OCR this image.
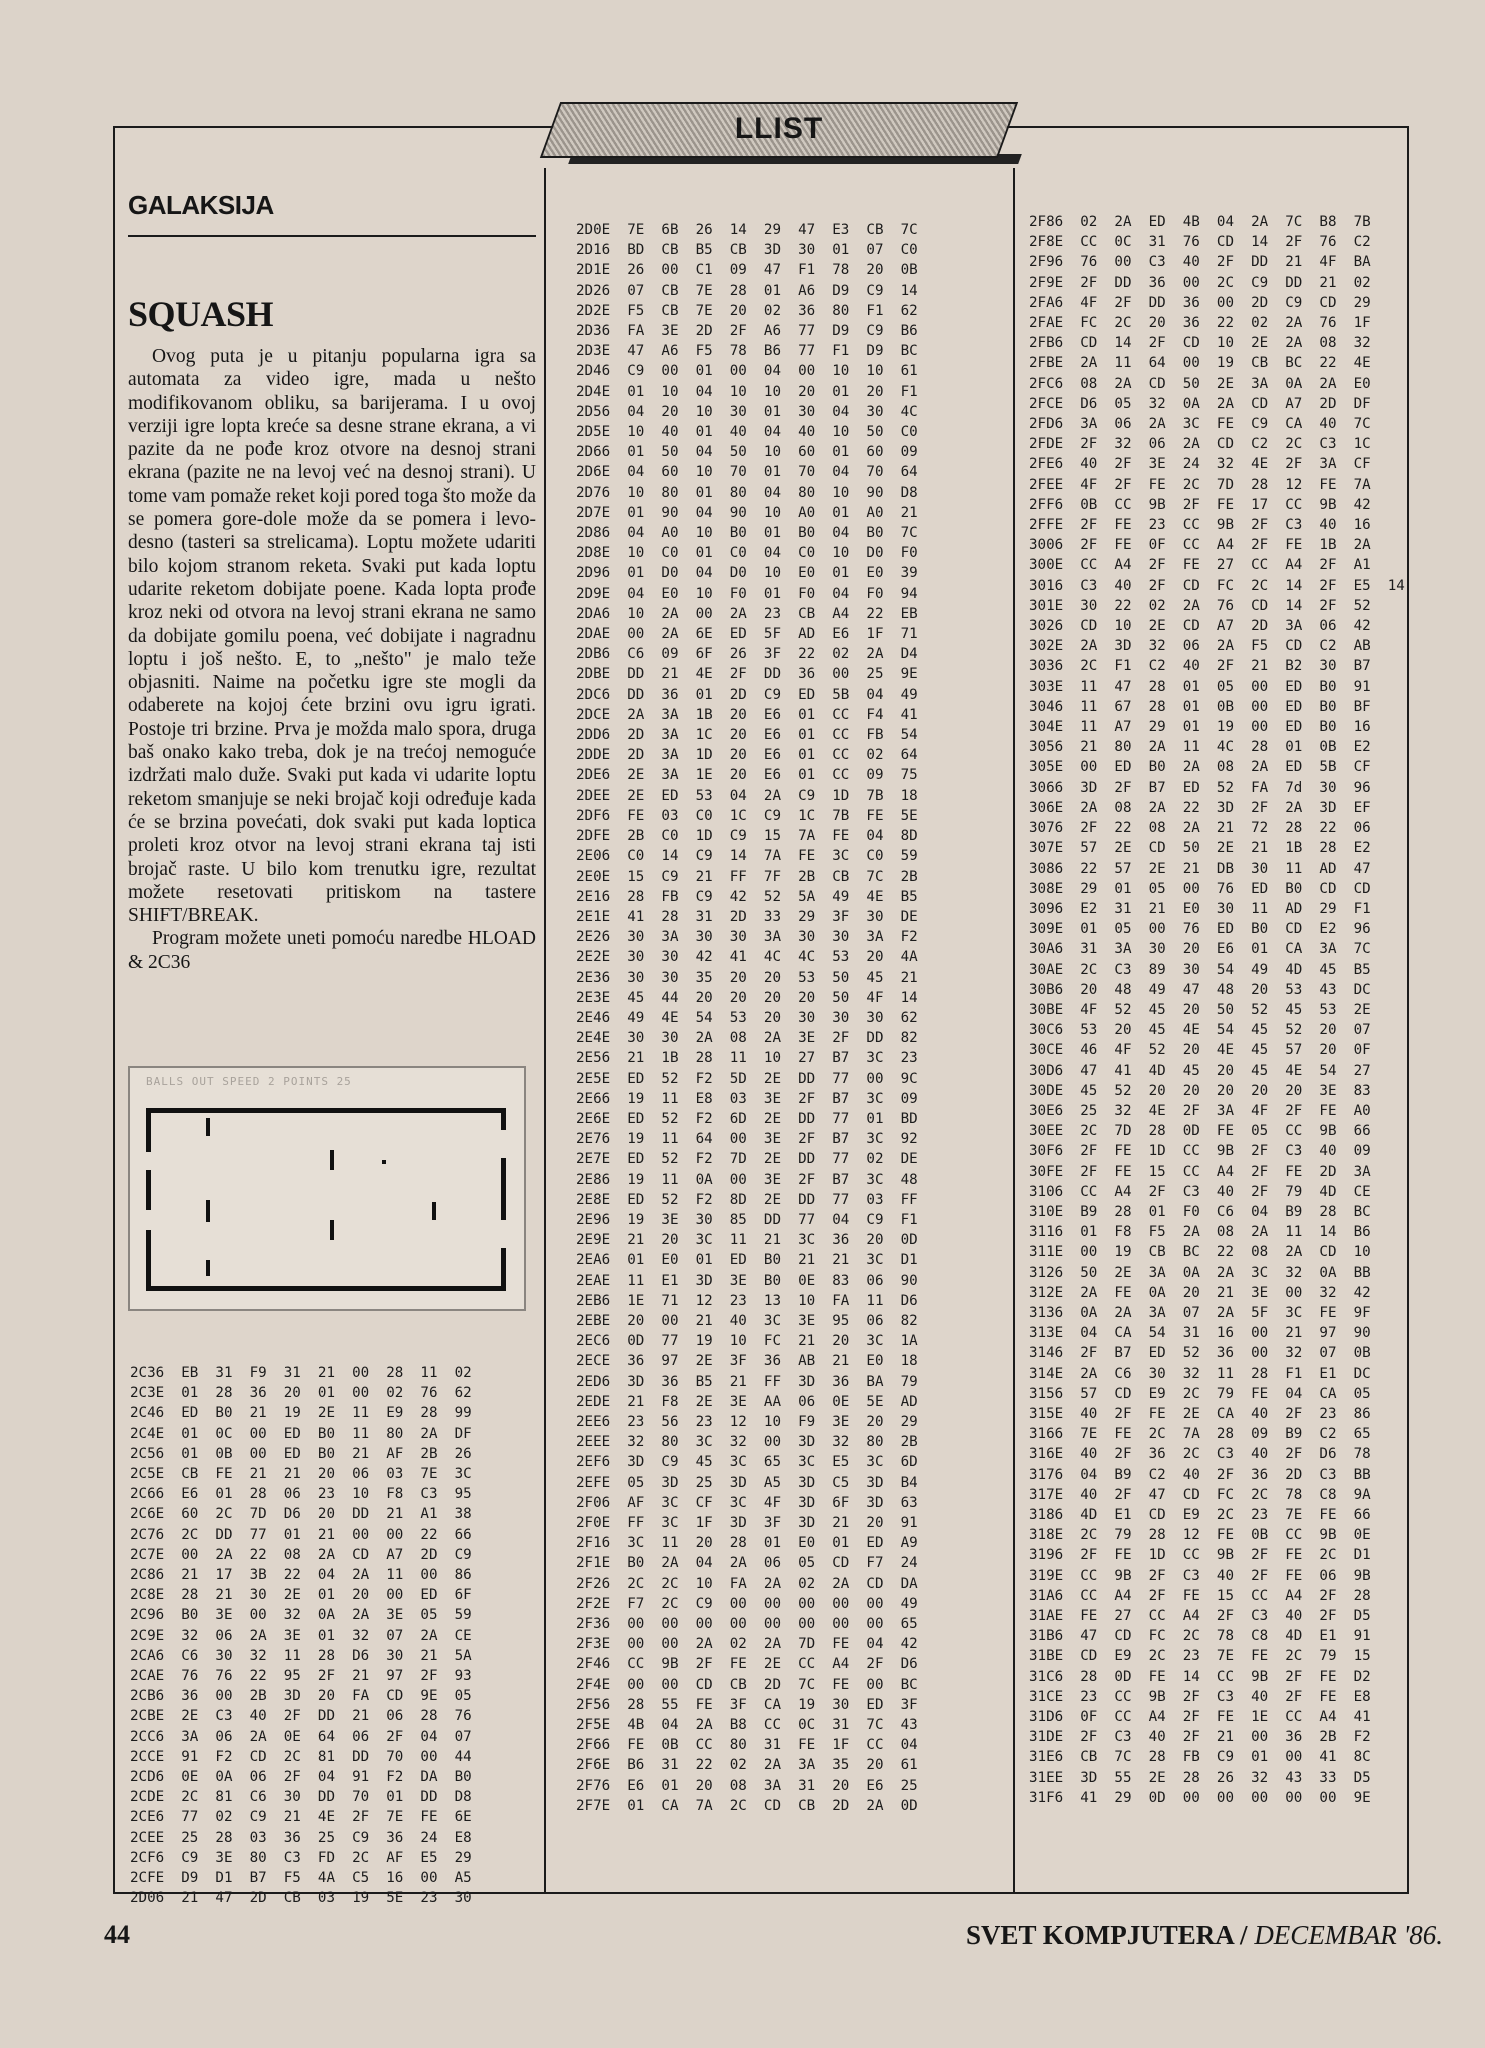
LLIST
GALAKSIJA
SQUASH

Ovog puta je u pitanju popularna igra sa automata za video igre, mada u nešto modifikovanom obliku, sa barijerama. I u ovoj verziji igre lopta kreće sa desne strane ekrana, a vi pazite da ne pođe kroz otvore na desnoj strani ekrana (pazite ne na levoj već na desnoj strani). U tome vam pomaže reket koji pored toga što može da se pomera gore-dole može da se pomera i levo-desno (tasteri sa strelicama). Loptu možete udariti bilo kojom stranom reketa. Svaki put kada loptu udarite reketom dobijate poene. Kada lopta prođe kroz neki od otvora na levoj strani ekrana ne samo da dobijate gomilu poena, već dobijate i nagradnu loptu i još nešto. E, to „nešto" je malo teže objasniti. Naime na početku igre ste mogli da odaberete na kojoj ćete brzini ovu igru igrati. Postoje tri brzine. Prva je možda malo spora, druga baš onako kako treba, dok je na trećoj nemoguće izdržati malo duže. Svaki put kada vi udarite loptu reketom smanjuje se neki brojač koji određuje kada će se brzina povećati, dok svaki put kada loptica proleti kroz otvor na levoj strani ekrana taj isti brojač raste. U bilo kom trenutku igre, rezultat možete resetovati pritiskom na tastere SHIFT/BREAK.

Program možete uneti pomoću naredbe HLOAD & 2C36

BALLS OUT SPEED 2 POINTS 25
2C36  EB  31  F9  31  21  00  28  11  02
2C3E  01  28  36  20  01  00  02  76  62
2C46  ED  B0  21  19  2E  11  E9  28  99
2C4E  01  0C  00  ED  B0  11  80  2A  DF
2C56  01  0B  00  ED  B0  21  AF  2B  26
2C5E  CB  FE  21  21  20  06  03  7E  3C
2C66  E6  01  28  06  23  10  F8  C3  95
2C6E  60  2C  7D  D6  20  DD  21  A1  38
2C76  2C  DD  77  01  21  00  00  22  66
2C7E  00  2A  22  08  2A  CD  A7  2D  C9
2C86  21  17  3B  22  04  2A  11  00  86
2C8E  28  21  30  2E  01  20  00  ED  6F
2C96  B0  3E  00  32  0A  2A  3E  05  59
2C9E  32  06  2A  3E  01  32  07  2A  CE
2CA6  C6  30  32  11  28  D6  30  21  5A
2CAE  76  76  22  95  2F  21  97  2F  93
2CB6  36  00  2B  3D  20  FA  CD  9E  05
2CBE  2E  C3  40  2F  DD  21  06  28  76
2CC6  3A  06  2A  0E  64  06  2F  04  07
2CCE  91  F2  CD  2C  81  DD  70  00  44
2CD6  0E  0A  06  2F  04  91  F2  DA  B0
2CDE  2C  81  C6  30  DD  70  01  DD  D8
2CE6  77  02  C9  21  4E  2F  7E  FE  6E
2CEE  25  28  03  36  25  C9  36  24  E8
2CF6  C9  3E  80  C3  FD  2C  AF  E5  29
2CFE  D9  D1  B7  F5  4A  C5  16  00  A5
2D06  21  47  2D  CB  03  19  5E  23  30
2D0E  7E  6B  26  14  29  47  E3  CB  7C
2D16  BD  CB  B5  CB  3D  30  01  07  C0
2D1E  26  00  C1  09  47  F1  78  20  0B
2D26  07  CB  7E  28  01  A6  D9  C9  14
2D2E  F5  CB  7E  20  02  36  80  F1  62
2D36  FA  3E  2D  2F  A6  77  D9  C9  B6
2D3E  47  A6  F5  78  B6  77  F1  D9  BC
2D46  C9  00  01  00  04  00  10  10  61
2D4E  01  10  04  10  10  20  01  20  F1
2D56  04  20  10  30  01  30  04  30  4C
2D5E  10  40  01  40  04  40  10  50  C0
2D66  01  50  04  50  10  60  01  60  09
2D6E  04  60  10  70  01  70  04  70  64
2D76  10  80  01  80  04  80  10  90  D8
2D7E  01  90  04  90  10  A0  01  A0  21
2D86  04  A0  10  B0  01  B0  04  B0  7C
2D8E  10  C0  01  C0  04  C0  10  D0  F0
2D96  01  D0  04  D0  10  E0  01  E0  39
2D9E  04  E0  10  F0  01  F0  04  F0  94
2DA6  10  2A  00  2A  23  CB  A4  22  EB
2DAE  00  2A  6E  ED  5F  AD  E6  1F  71
2DB6  C6  09  6F  26  3F  22  02  2A  D4
2DBE  DD  21  4E  2F  DD  36  00  25  9E
2DC6  DD  36  01  2D  C9  ED  5B  04  49
2DCE  2A  3A  1B  20  E6  01  CC  F4  41
2DD6  2D  3A  1C  20  E6  01  CC  FB  54
2DDE  2D  3A  1D  20  E6  01  CC  02  64
2DE6  2E  3A  1E  20  E6  01  CC  09  75
2DEE  2E  ED  53  04  2A  C9  1D  7B  18
2DF6  FE  03  C0  1C  C9  1C  7B  FE  5E
2DFE  2B  C0  1D  C9  15  7A  FE  04  8D
2E06  C0  14  C9  14  7A  FE  3C  C0  59
2E0E  15  C9  21  FF  7F  2B  CB  7C  2B
2E16  28  FB  C9  42  52  5A  49  4E  B5
2E1E  41  28  31  2D  33  29  3F  30  DE
2E26  30  3A  30  30  3A  30  30  3A  F2
2E2E  30  30  42  41  4C  4C  53  20  4A
2E36  30  30  35  20  20  53  50  45  21
2E3E  45  44  20  20  20  20  50  4F  14
2E46  49  4E  54  53  20  30  30  30  62
2E4E  30  30  2A  08  2A  3E  2F  DD  82
2E56  21  1B  28  11  10  27  B7  3C  23
2E5E  ED  52  F2  5D  2E  DD  77  00  9C
2E66  19  11  E8  03  3E  2F  B7  3C  09
2E6E  ED  52  F2  6D  2E  DD  77  01  BD
2E76  19  11  64  00  3E  2F  B7  3C  92
2E7E  ED  52  F2  7D  2E  DD  77  02  DE
2E86  19  11  0A  00  3E  2F  B7  3C  48
2E8E  ED  52  F2  8D  2E  DD  77  03  FF
2E96  19  3E  30  85  DD  77  04  C9  F1
2E9E  21  20  3C  11  21  3C  36  20  0D
2EA6  01  E0  01  ED  B0  21  21  3C  D1
2EAE  11  E1  3D  3E  B0  0E  83  06  90
2EB6  1E  71  12  23  13  10  FA  11  D6
2EBE  20  00  21  40  3C  3E  95  06  82
2EC6  0D  77  19  10  FC  21  20  3C  1A
2ECE  36  97  2E  3F  36  AB  21  E0  18
2ED6  3D  36  B5  21  FF  3D  36  BA  79
2EDE  21  F8  2E  3E  AA  06  0E  5E  AD
2EE6  23  56  23  12  10  F9  3E  20  29
2EEE  32  80  3C  32  00  3D  32  80  2B
2EF6  3D  C9  45  3C  65  3C  E5  3C  6D
2EFE  05  3D  25  3D  A5  3D  C5  3D  B4
2F06  AF  3C  CF  3C  4F  3D  6F  3D  63
2F0E  FF  3C  1F  3D  3F  3D  21  20  91
2F16  3C  11  20  28  01  E0  01  ED  A9
2F1E  B0  2A  04  2A  06  05  CD  F7  24
2F26  2C  2C  10  FA  2A  02  2A  CD  DA
2F2E  F7  2C  C9  00  00  00  00  00  49
2F36  00  00  00  00  00  00  00  00  65
2F3E  00  00  2A  02  2A  7D  FE  04  42
2F46  CC  9B  2F  FE  2E  CC  A4  2F  D6
2F4E  00  00  CD  CB  2D  7C  FE  00  BC
2F56  28  55  FE  3F  CA  19  30  ED  3F
2F5E  4B  04  2A  B8  CC  0C  31  7C  43
2F66  FE  0B  CC  80  31  FE  1F  CC  04
2F6E  B6  31  22  02  2A  3A  35  20  61
2F76  E6  01  20  08  3A  31  20  E6  25
2F7E  01  CA  7A  2C  CD  CB  2D  2A  0D
2F86  02  2A  ED  4B  04  2A  7C  B8  7B
2F8E  CC  0C  31  76  CD  14  2F  76  C2
2F96  76  00  C3  40  2F  DD  21  4F  BA
2F9E  2F  DD  36  00  2C  C9  DD  21  02
2FA6  4F  2F  DD  36  00  2D  C9  CD  29
2FAE  FC  2C  20  36  22  02  2A  76  1F
2FB6  CD  14  2F  CD  10  2E  2A  08  32
2FBE  2A  11  64  00  19  CB  BC  22  4E
2FC6  08  2A  CD  50  2E  3A  0A  2A  E0
2FCE  D6  05  32  0A  2A  CD  A7  2D  DF
2FD6  3A  06  2A  3C  FE  C9  CA  40  7C
2FDE  2F  32  06  2A  CD  C2  2C  C3  1C
2FE6  40  2F  3E  24  32  4E  2F  3A  CF
2FEE  4F  2F  FE  2C  7D  28  12  FE  7A
2FF6  0B  CC  9B  2F  FE  17  CC  9B  42
2FFE  2F  FE  23  CC  9B  2F  C3  40  16
3006  2F  FE  0F  CC  A4  2F  FE  1B  2A
300E  CC  A4  2F  FE  27  CC  A4  2F  A1
3016  C3  40  2F  CD  FC  2C  14  2F  E5  14
301E  30  22  02  2A  76  CD  14  2F  52
3026  CD  10  2E  CD  A7  2D  3A  06  42
302E  2A  3D  32  06  2A  F5  CD  C2  AB
3036  2C  F1  C2  40  2F  21  B2  30  B7
303E  11  47  28  01  05  00  ED  B0  91
3046  11  67  28  01  0B  00  ED  B0  BF
304E  11  A7  29  01  19  00  ED  B0  16
3056  21  80  2A  11  4C  28  01  0B  E2
305E  00  ED  B0  2A  08  2A  ED  5B  CF
3066  3D  2F  B7  ED  52  FA  7d  30  96
306E  2A  08  2A  22  3D  2F  2A  3D  EF
3076  2F  22  08  2A  21  72  28  22  06
307E  57  2E  CD  50  2E  21  1B  28  E2
3086  22  57  2E  21  DB  30  11  AD  47
308E  29  01  05  00  76  ED  B0  CD  CD
3096  E2  31  21  E0  30  11  AD  29  F1
309E  01  05  00  76  ED  B0  CD  E2  96
30A6  31  3A  30  20  E6  01  CA  3A  7C
30AE  2C  C3  89  30  54  49  4D  45  B5
30B6  20  48  49  47  48  20  53  43  DC
30BE  4F  52  45  20  50  52  45  53  2E
30C6  53  20  45  4E  54  45  52  20  07
30CE  46  4F  52  20  4E  45  57  20  0F
30D6  47  41  4D  45  20  45  4E  54  27
30DE  45  52  20  20  20  20  20  3E  83
30E6  25  32  4E  2F  3A  4F  2F  FE  A0
30EE  2C  7D  28  0D  FE  05  CC  9B  66
30F6  2F  FE  1D  CC  9B  2F  C3  40  09
30FE  2F  FE  15  CC  A4  2F  FE  2D  3A
3106  CC  A4  2F  C3  40  2F  79  4D  CE
310E  B9  28  01  F0  C6  04  B9  28  BC
3116  01  F8  F5  2A  08  2A  11  14  B6
311E  00  19  CB  BC  22  08  2A  CD  10
3126  50  2E  3A  0A  2A  3C  32  0A  BB
312E  2A  FE  0A  20  21  3E  00  32  42
3136  0A  2A  3A  07  2A  5F  3C  FE  9F
313E  04  CA  54  31  16  00  21  97  90
3146  2F  B7  ED  52  36  00  32  07  0B
314E  2A  C6  30  32  11  28  F1  E1  DC
3156  57  CD  E9  2C  79  FE  04  CA  05
315E  40  2F  FE  2E  CA  40  2F  23  86
3166  7E  FE  2C  7A  28  09  B9  C2  65
316E  40  2F  36  2C  C3  40  2F  D6  78
3176  04  B9  C2  40  2F  36  2D  C3  BB
317E  40  2F  47  CD  FC  2C  78  C8  9A
3186  4D  E1  CD  E9  2C  23  7E  FE  66
318E  2C  79  28  12  FE  0B  CC  9B  0E
3196  2F  FE  1D  CC  9B  2F  FE  2C  D1
319E  CC  9B  2F  C3  40  2F  FE  06  9B
31A6  CC  A4  2F  FE  15  CC  A4  2F  28
31AE  FE  27  CC  A4  2F  C3  40  2F  D5
31B6  47  CD  FC  2C  78  C8  4D  E1  91
31BE  CD  E9  2C  23  7E  FE  2C  79  15
31C6  28  0D  FE  14  CC  9B  2F  FE  D2
31CE  23  CC  9B  2F  C3  40  2F  FE  E8
31D6  0F  CC  A4  2F  FE  1E  CC  A4  41
31DE  2F  C3  40  2F  21  00  36  2B  F2
31E6  CB  7C  28  FB  C9  01  00  41  8C
31EE  3D  55  2E  28  26  32  43  33  D5
31F6  41  29  0D  00  00  00  00  00  9E
44	SVET KOMPJUTERA / DECEMBAR '86.
